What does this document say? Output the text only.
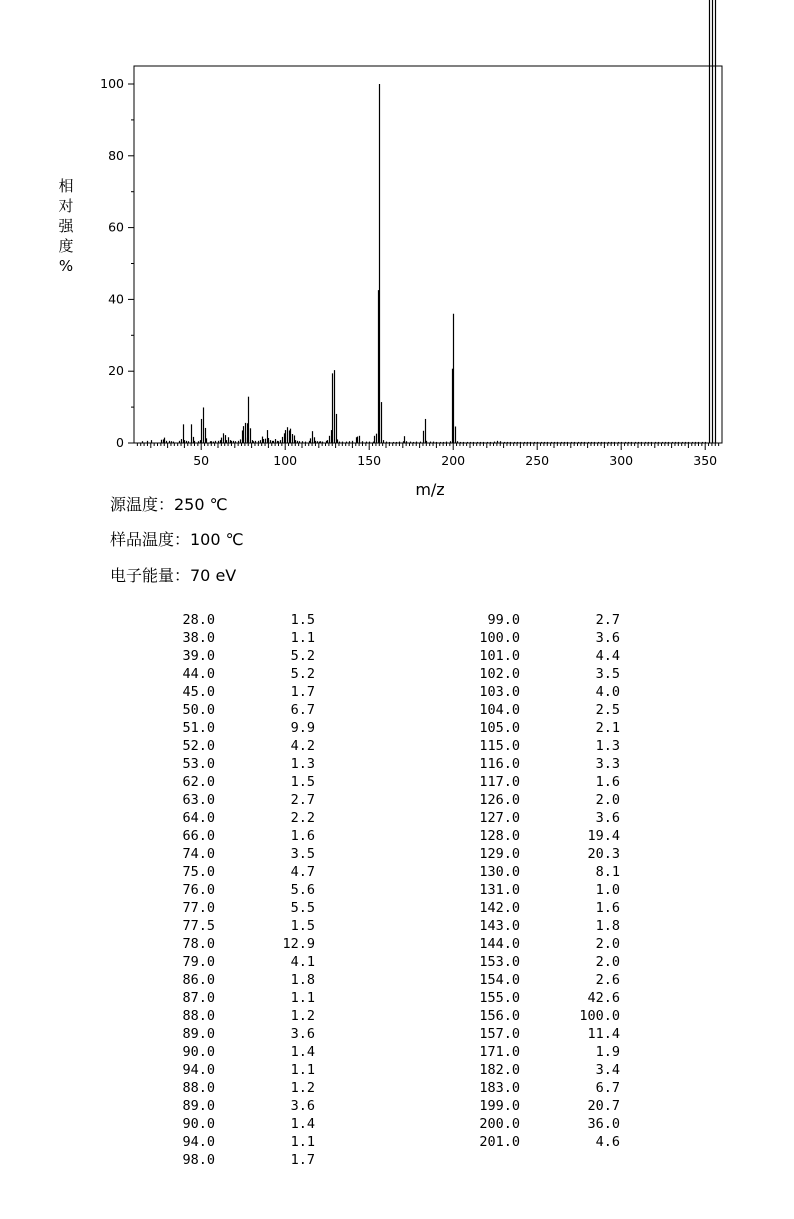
0
20
40
60
80
100
50	100	150	200	250	300	350
相
对
强
度
%
m/z
源温度：250 ℃
样品温度：100 ℃
电子能量：70 eV
28.0	1.5
38.0	1.1
39.0	5.2
44.0	5.2
45.0	1.7
50.0	6.7
51.0	9.9
52.0	4.2
53.0	1.3
62.0	1.5
63.0	2.7
64.0	2.2
66.0	1.6
74.0	3.5
75.0	4.7
76.0	5.6
77.0	5.5
77.5	1.5
78.0	12.9
79.0	4.1
86.0	1.8
87.0	1.1
88.0	1.2
89.0	3.6
90.0	1.4
94.0	1.1
88.0	1.2
89.0	3.6
90.0	1.4
94.0	1.1
98.0	1.7
99.0	2.7
100.0	3.6
101.0	4.4
102.0	3.5
103.0	4.0
104.0	2.5
105.0	2.1
115.0	1.3
116.0	3.3
117.0	1.6
126.0	2.0
127.0	3.6
128.0	19.4
129.0	20.3
130.0	8.1
131.0	1.0
142.0	1.6
143.0	1.8
144.0	2.0
153.0	2.0
154.0	2.6
155.0	42.6
156.0	100.0
157.0	11.4
171.0	1.9
182.0	3.4
183.0	6.7
199.0	20.7
200.0	36.0
201.0	4.6
